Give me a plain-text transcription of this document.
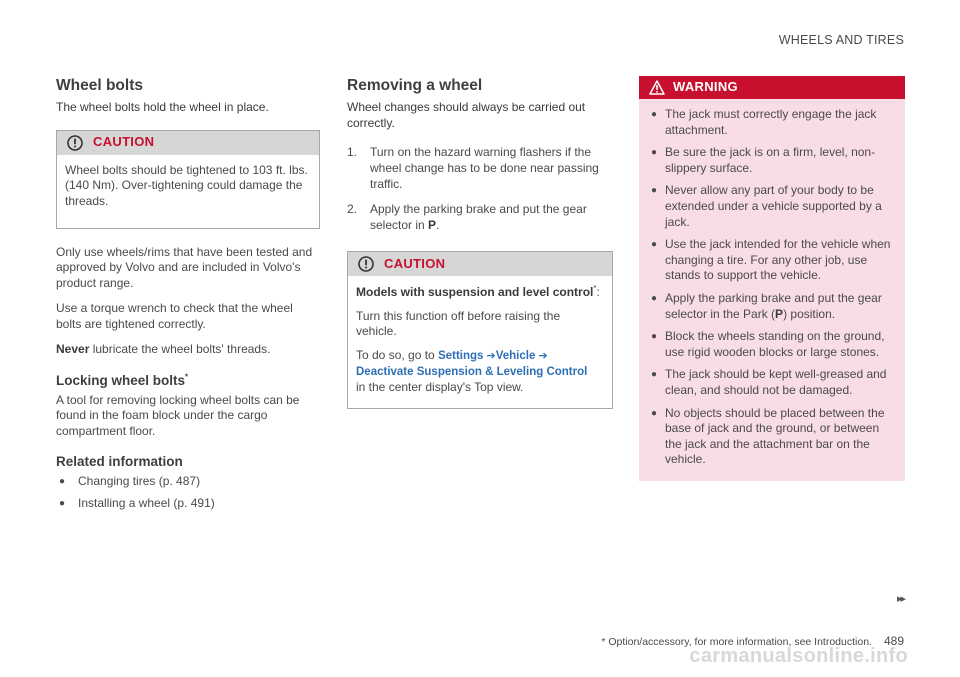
WHEELS AND TIRES
Wheel bolts

The wheel bolts hold the wheel in place.

CAUTION

Wheel bolts should be tightened to 103 ft. lbs. (140 Nm). Over-tightening could damage the threads.

Only use wheels/rims that have been tested and approved by Volvo and are included in Volvo's product range.

Use a torque wrench to check that the wheel bolts are tightened correctly.

Never lubricate the wheel bolts' threads.

Locking wheel bolts*

A tool for removing locking wheel bolts can be found in the foam block under the cargo compartment floor.

Related information
●	Changing tires (p. 487)
●	Installing a wheel (p. 491)
Removing a wheel

Wheel changes should always be carried out correctly.

1.	Turn on the hazard warning flashers if the wheel change has to be done near passing traffic.
2.	Apply the parking brake and put the gear selector in P.
CAUTION

Models with suspension and level control*:

Turn this function off before raising the vehicle.

To do so, go to Settings ➔Vehicle ➔
Deactivate Suspension & Leveling Control
in the center display's Top view.

WARNING
● The jack must correctly engage the jack attachment.
● Be sure the jack is on a firm, level, non-slippery surface.
● Never allow any part of your body to be extended under a vehicle supported by a jack.
● Use the jack intended for the vehicle when changing a tire. For any other job, use stands to support the vehicle.
● Apply the parking brake and put the gear selector in the Park (P) position.
● Block the wheels standing on the ground, use rigid wooden blocks or large stones.
● The jack should be kept well-greased and clean, and should not be damaged.
● No objects should be placed between the base of jack and the ground, or between the jack and the attachment bar on the vehicle.
▸▸
* Option/accessory, for more information, see Introduction. 489
carmanualsonline.info
